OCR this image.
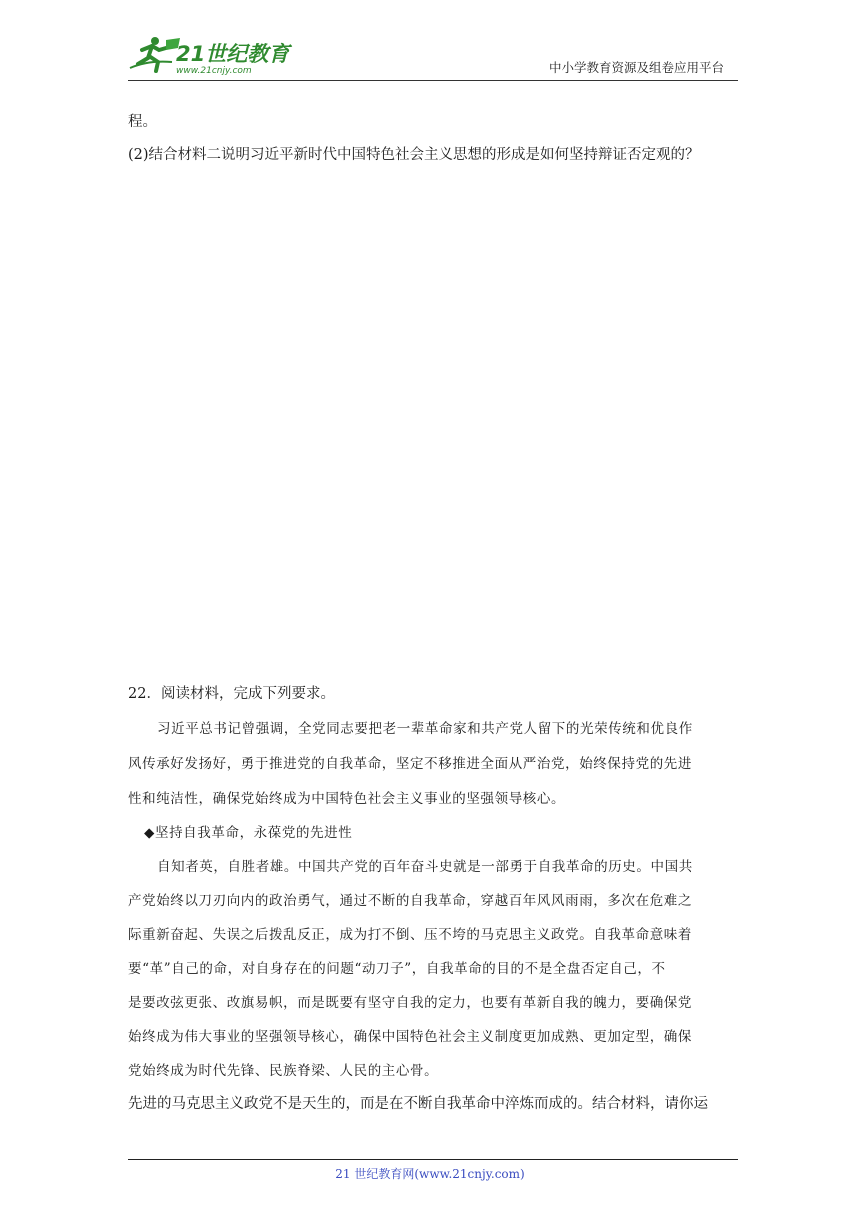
21世纪教育
www.21cnjy.com	中小学教育资源及组卷应用平台
程。
(2)结合材料二说明习近平新时代中国特色社会主义思想的形成是如何坚持辩证否定观的？
22．阅读材料，完成下列要求。
习近平总书记曾强调，全党同志要把老一辈革命家和共产党人留下的光荣传统和优良作
风传承好发扬好，勇于推进党的自我革命，坚定不移推进全面从严治党，始终保持党的先进
性和纯洁性，确保党始终成为中国特色社会主义事业的坚强领导核心。
◆坚持自我革命，永葆党的先进性
自知者英，自胜者雄。中国共产党的百年奋斗史就是一部勇于自我革命的历史。中国共
产党始终以刀刃向内的政治勇气，通过不断的自我革命，穿越百年风风雨雨，多次在危难之
际重新奋起、失误之后拨乱反正，成为打不倒、压不垮的马克思主义政党。自我革命意味着
要“革”自己的命，对自身存在的问题“动刀子”，自我革命的目的不是全盘否定自己，不
是要改弦更张、改旗易帜，而是既要有坚守自我的定力，也要有革新自我的魄力，要确保党
始终成为伟大事业的坚强领导核心，确保中国特色社会主义制度更加成熟、更加定型，确保
党始终成为时代先锋、民族脊梁、人民的主心骨。
先进的马克思主义政党不是天生的，而是在不断自我革命中淬炼而成的。结合材料，请你运
21 世纪教育网(www.21cnjy.com)
